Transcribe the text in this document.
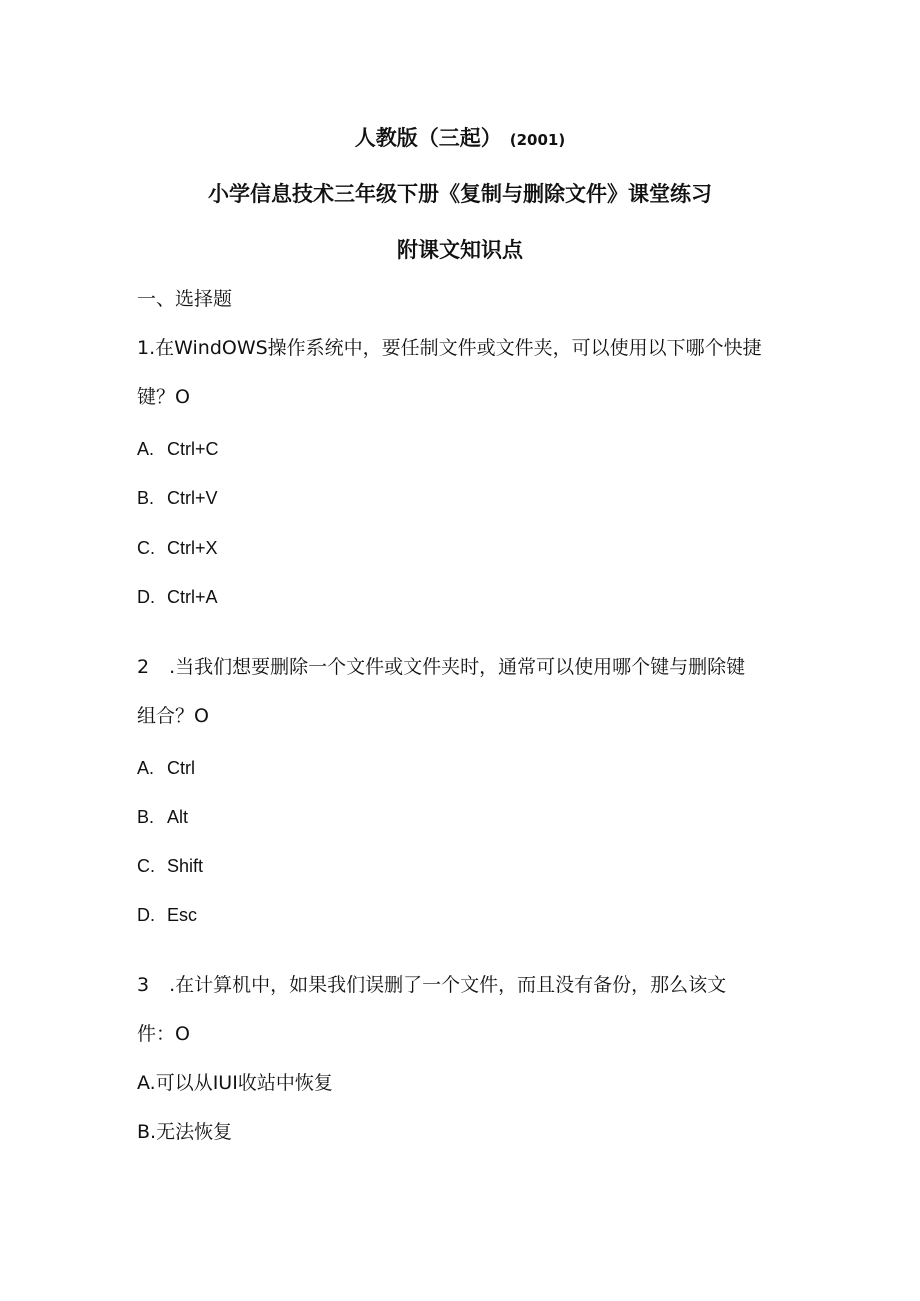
人教版（三起） (2001)
小学信息技术三年级下册《复制与删除文件》课堂练习
附课文知识点
一、选择题
1.在WindOWS操作系统中，要任制文件或文件夹，可以使用以下哪个快捷
键？O
A. Ctrl+C
B. Ctrl+V
C. Ctrl+X
D. Ctrl+A
2 .当我们想要删除一个文件或文件夹时，通常可以使用哪个键与删除键
组合？O
A. Ctrl
B. Alt
C. Shift
D. Esc
3 .在计算机中，如果我们误删了一个文件，而且没有备份，那么该文
件：O
A.可以从IUI收站中恢复
B.无法恢复
